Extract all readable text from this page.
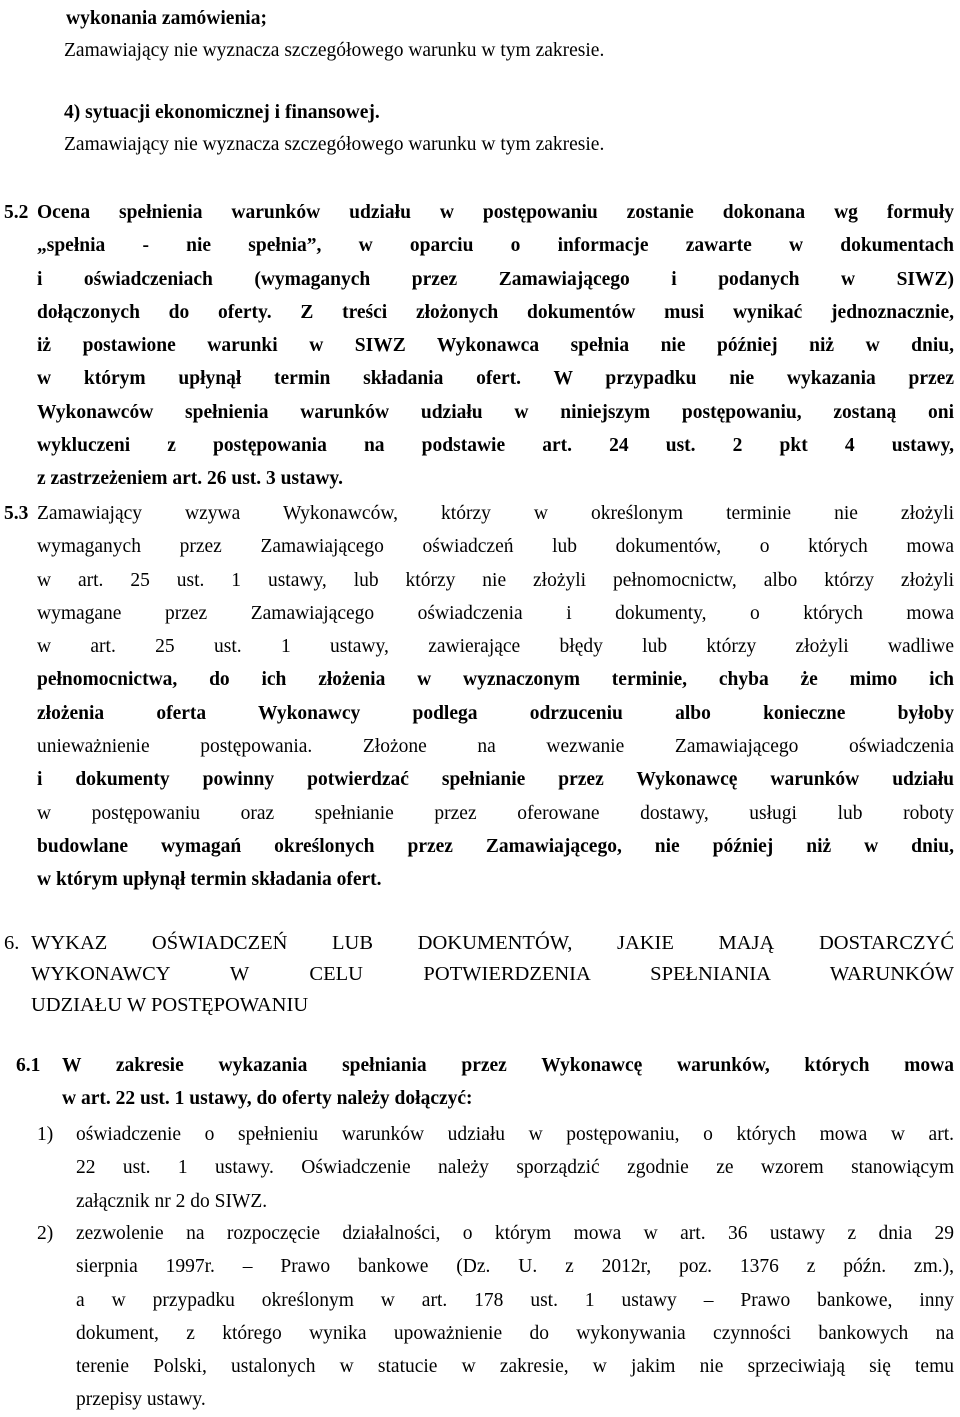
wykonania zamówienia;

Zamawiający nie wyznacza szczegółowego warunku w tym zakresie.

4) sytuacji ekonomicznej i finansowej.

Zamawiający nie wyznacza szczegółowego warunku w tym zakresie.

5.2 Ocena spełnienia warunków udziału w postępowaniu zostanie dokonana wg formuły
„spełnia - nie spełnia”, w oparciu o informacje zawarte w dokumentach
i oświadczeniach (wymaganych przez Zamawiającego i podanych w SIWZ)
dołączonych do oferty. Z treści złożonych dokumentów musi wynikać jednoznacznie,
iż postawione warunki w SIWZ Wykonawca spełnia nie później niż w dniu,
w którym upłynął termin składania ofert. W przypadku nie wykazania przez
Wykonawców spełnienia warunków udziału w niniejszym postępowaniu, zostaną oni
wykluczeni z postępowania na podstawie art. 24 ust. 2 pkt 4 ustawy,
z zastrzeżeniem art. 26 ust. 3 ustawy.
5.3 Zamawiający wzywa Wykonawców, którzy w określonym terminie nie złożyli
wymaganych przez Zamawiającego oświadczeń lub dokumentów, o których mowa
w art. 25 ust. 1 ustawy, lub którzy nie złożyli pełnomocnictw, albo którzy złożyli
wymagane przez Zamawiającego oświadczenia i dokumenty, o których mowa
w art. 25 ust. 1 ustawy, zawierające błędy lub którzy złożyli wadliwe
pełnomocnictwa, do ich złożenia w wyznaczonym terminie, chyba że mimo ich
złożenia oferta Wykonawcy podlega odrzuceniu albo konieczne byłoby
unieważnienie postępowania. Złożone na wezwanie Zamawiającego oświadczenia
i dokumenty powinny potwierdzać spełnianie przez Wykonawcę warunków udziału
w postępowaniu oraz spełnianie przez oferowane dostawy, usługi lub roboty
budowlane wymagań określonych przez Zamawiającego, nie później niż w dniu,
w którym upłynął termin składania ofert.
6. WYKAZ OŚWIADCZEŃ LUB DOKUMENTÓW, JAKIE MAJĄ DOSTARCZYĆ
WYKONAWCY W CELU POTWIERDZENIA SPEŁNIANIA WARUNKÓW
UDZIAŁU W POSTĘPOWANIU
6.1 W zakresie wykazania spełniania przez Wykonawcę warunków, których mowa
w art. 22 ust. 1 ustawy, do oferty należy dołączyć:
1) oświadczenie o spełnieniu warunków udziału w postępowaniu, o których mowa w art.
22 ust. 1 ustawy. Oświadczenie należy sporządzić zgodnie ze wzorem stanowiącym
załącznik nr 2 do SIWZ.
2) zezwolenie na rozpoczęcie działalności, o którym mowa w art. 36 ustawy z dnia 29
sierpnia 1997r. – Prawo bankowe (Dz. U. z 2012r, poz. 1376 z późn. zm.),
a w przypadku określonym w art. 178 ust. 1 ustawy – Prawo bankowe, inny
dokument, z którego wynika upoważnienie do wykonywania czynności bankowych na
terenie Polski, ustalonych w statucie w zakresie, w jakim nie sprzeciwiają się temu
przepisy ustawy.
